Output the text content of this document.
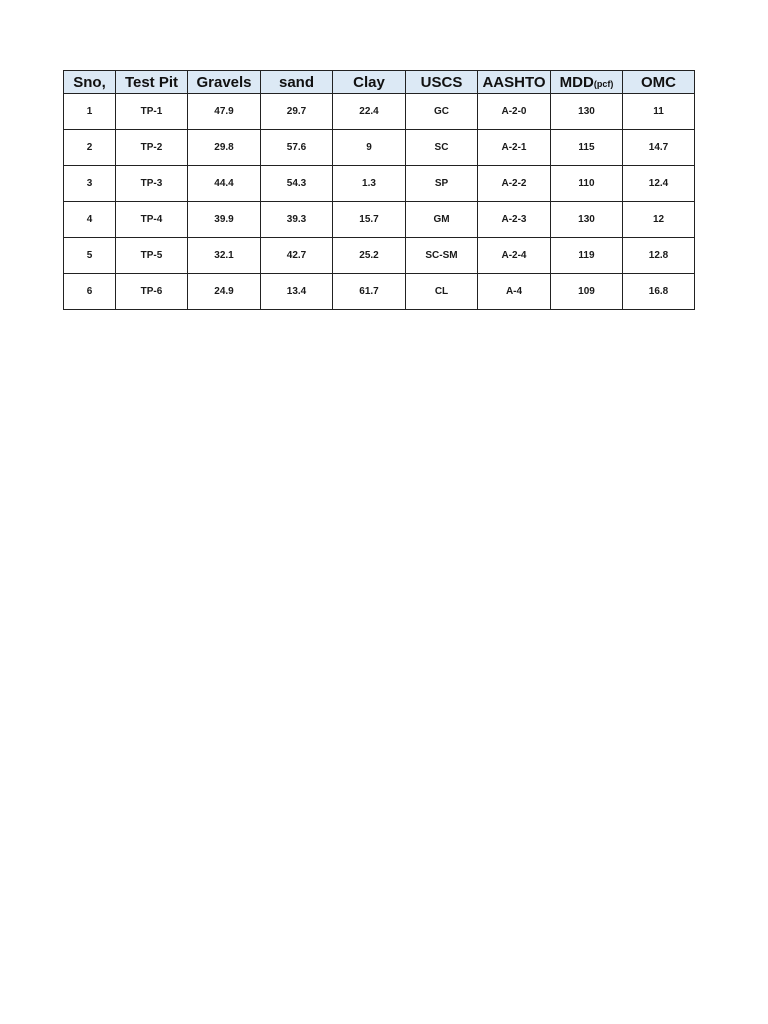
Sno,	Test Pit	Gravels	sand	Clay	USCS	AASHTO	MDD(pcf)	OMC
1	TP-1	47.9	29.7	22.4	GC	A-2-0	130	11
2	TP-2	29.8	57.6	9	SC	A-2-1	115	14.7
3	TP-3	44.4	54.3	1.3	SP	A-2-2	110	12.4
4	TP-4	39.9	39.3	15.7	GM	A-2-3	130	12
5	TP-5	32.1	42.7	25.2	SC-SM	A-2-4	119	12.8
6	TP-6	24.9	13.4	61.7	CL	A-4	109	16.8
